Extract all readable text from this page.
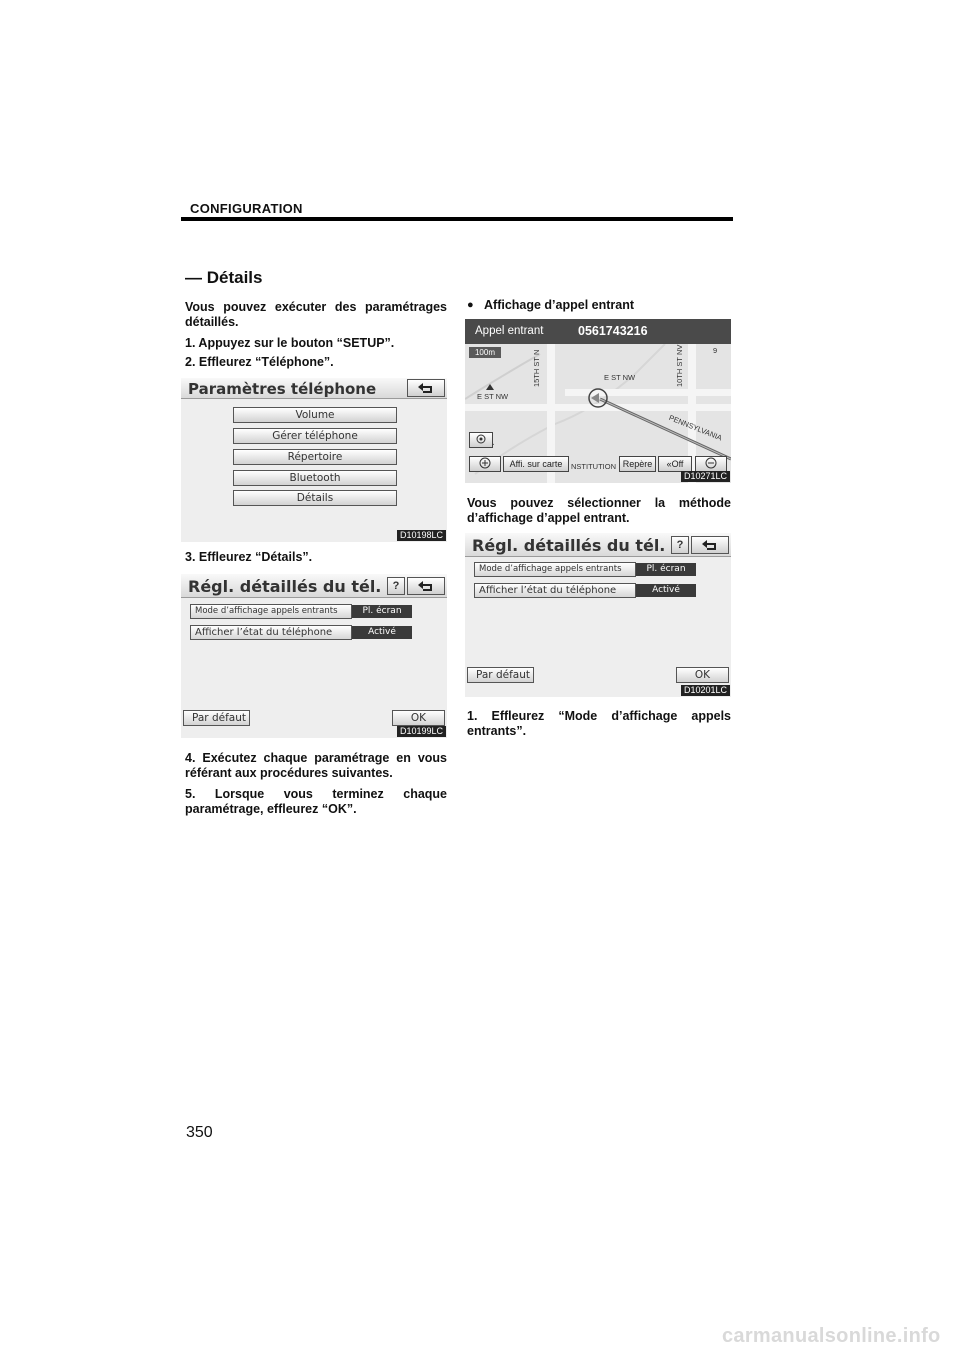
CONFIGURATION
— Détails
Vous pouvez exécuter des paramétrages détaillés.
1. Appuyez sur le bouton “SETUP”.
2. Effleurez “Téléphone”.
Paramètres téléphone
Volume
Gérer téléphone
Répertoire
Bluetooth
Détails
D10198LC
3. Effleurez “Détails”.
Régl. détaillés du tél.	?
Mode d’affichage appels entrants	Pl. écran
Afficher l’état du téléphone	Activé
Par défaut	OK
D10199LC
4. Exécutez chaque paramétrage en vous référant aux procédures suivantes.
5. Lorsque vous terminez chaque
paramétrage, effleurez “OK”.
● Affichage d’appel entrant
Appel entrant	0561743216
100m	15TH ST N	E ST NW
E ST NW
10TH ST NV
PENNSYLVANIA
NSTITUTION
9
Affi. sur carte	Repère	«Off
D10271LC
Vous pouvez sélectionner la méthode
d’affichage d’appel entrant.
Régl. détaillés du tél.	?
Mode d’affichage appels entrants	Pl. écran
Afficher l’état du téléphone	Activé
Par défaut	OK
D10201LC
1. Effleurez “Mode d’affichage appels
entrants”.
350
carmanualsonline.info
